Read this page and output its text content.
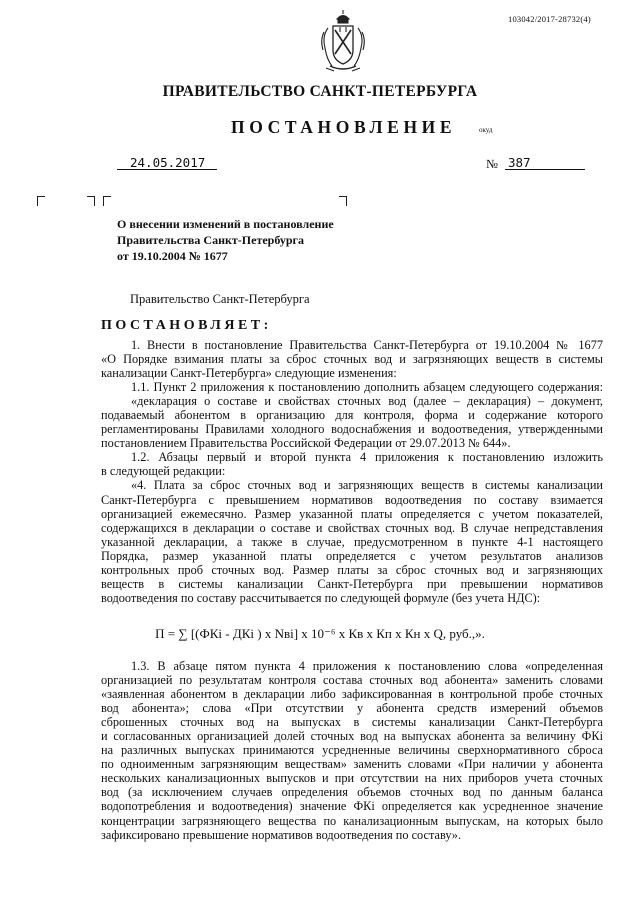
103042/2017-28732(4)
ПРАВИТЕЛЬСТВО САНКТ-ПЕТЕРБУРГА
ПОСТАНОВЛЕНИЕ	окуд
24.05.2017	№ 387
О внесении изменений в постановление
Правительства Санкт-Петербурга
от 19.10.2004 № 1677
Правительство Санкт-Петербурга
ПОСТАНОВЛЯЕТ:

1. Внести в постановление Правительства Санкт-Петербурга от 19.10.2004 № 1677

«О Порядке взимания платы за сброс сточных вод и загрязняющих веществ в системы

канализации Санкт-Петербурга» следующие изменения:

1.1. Пункт 2 приложения к постановлению дополнить абзацем следующего содержания:

«декларация о составе и свойствах сточных вод (далее – декларация) – документ,

подаваемый абонентом в организацию для контроля, форма и содержание которого

регламентированы Правилами холодного водоснабжения и водоотведения, утвержденными

постановлением Правительства Российской Федерации от 29.07.2013 № 644».

1.2. Абзацы первый и второй пункта 4 приложения к постановлению изложить

в следующей редакции:

«4. Плата за сброс сточных вод и загрязняющих веществ в системы канализации

Санкт-Петербурга с превышением нормативов водоотведения по составу взимается

организацией ежемесячно. Размер указанной платы определяется с учетом показателей,

содержащихся в декларации о составе и свойствах сточных вод. В случае непредставления

указанной декларации, а также в случае, предусмотренном в пункте 4-1 настоящего

Порядка, размер указанной платы определяется с учетом результатов анализов

контрольных проб сточных вод. Размер платы за сброс сточных вод и загрязняющих

веществ в системы канализации Санкт-Петербурга при превышении нормативов

водоотведения по составу рассчитывается по следующей формуле (без учета НДС):

П = ∑ [(ФКi - ДКi ) x Nвi] x 10⁻⁶ x Кв x Кп x Кн x Q, руб.,».

1.3. В абзаце пятом пункта 4 приложения к постановлению слова «определенная

организацией по результатам контроля состава сточных вод абонента» заменить словами

«заявленная абонентом в декларации либо зафиксированная в контрольной пробе сточных

вод абонента»; слова «При отсутствии у абонента средств измерений объемов

сброшенных сточных вод на выпусках в системы канализации Санкт-Петербурга

и согласованных организацией долей сточных вод на выпусках абонента за величину ФКi

на различных выпусках принимаются усредненные величины сверхнормативного сброса

по одноименным загрязняющим веществам» заменить словами «При наличии у абонента

нескольких канализационных выпусков и при отсутствии на них приборов учета сточных

вод (за исключением случаев определения объемов сточных вод по данным баланса

водопотребления и водоотведения) значение ФКi определяется как усредненное значение

концентрации загрязняющего вещества по канализационным выпускам, на которых было

зафиксировано превышение нормативов водоотведения по составу».
